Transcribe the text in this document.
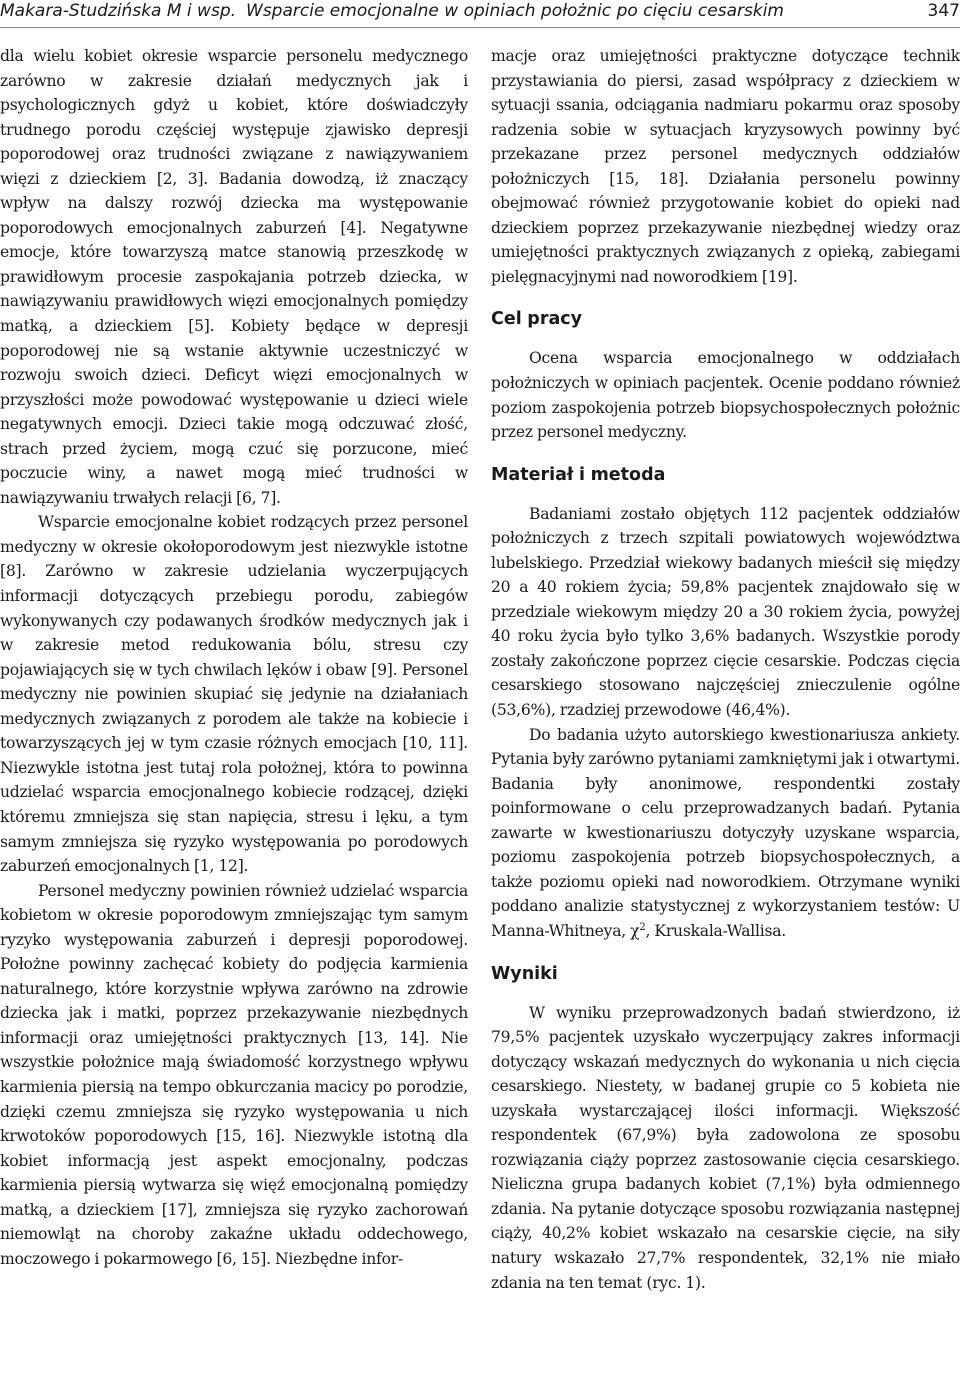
Makara-Studzińska M i wsp. Wsparcie emocjonalne w opiniach położnic po cięciu cesarskim	347

dla wielu kobiet okresie wsparcie personelu medycznego zarówno w zakresie działań medycznych jak i psychologicznych gdyż u kobiet, które doświadczyły trudnego porodu częściej występuje zjawisko depresji poporodowej oraz trudności związane z nawiązywaniem więzi z dzieckiem [2, 3]. Badania dowodzą, iż znaczący wpływ na dalszy rozwój dziecka ma występowanie poporodowych emocjonalnych zaburzeń [4]. Negatywne emocje, które towarzyszą matce stanowią przeszkodę w prawidłowym procesie zaspokajania potrzeb dziecka, w nawiązywaniu prawidłowych więzi emocjonalnych pomiędzy matką, a dzieckiem [5]. Kobiety będące w depresji poporodowej nie są wstanie aktywnie uczestniczyć w rozwoju swoich dzieci. Deficyt więzi emocjonalnych w przyszłości może powodować występowanie u dzieci wiele negatywnych emocji. Dzieci takie mogą odczuwać złość, strach przed życiem, mogą czuć się porzucone, mieć poczucie winy, a nawet mogą mieć trudności w nawiązywaniu trwałych relacji [6, 7].

Wsparcie emocjonalne kobiet rodzących przez personel medyczny w okresie okołoporodowym jest niezwykle istotne [8]. Zarówno w zakresie udzielania wyczerpujących informacji dotyczących przebiegu porodu, zabiegów wykonywanych czy podawanych środków medycznych jak i w zakresie metod redukowania bólu, stresu czy pojawiających się w tych chwilach lęków i obaw [9]. Personel medyczny nie powinien skupiać się jedynie na działaniach medycznych związanych z porodem ale także na kobiecie i towarzyszących jej w tym czasie różnych emocjach [10, 11]. Niezwykle istotna jest tutaj rola położnej, która to powinna udzielać wsparcia emocjonalnego kobiecie rodzącej, dzięki któremu zmniejsza się stan napięcia, stresu i lęku, a tym samym zmniejsza się ryzyko występowania po porodowych zaburzeń emocjonalnych [1, 12].

Personel medyczny powinien również udzielać wsparcia kobietom w okresie poporodowym zmniejszając tym samym ryzyko występowania zaburzeń i depresji poporodowej. Położne powinny zachęcać kobiety do podjęcia karmienia naturalnego, które korzystnie wpływa zarówno na zdrowie dziecka jak i matki, poprzez przekazywanie niezbędnych informacji oraz umiejętności praktycznych [13, 14]. Nie wszystkie położnice mają świadomość korzystnego wpływu karmienia piersią na tempo obkurczania macicy po porodzie, dzięki czemu zmniejsza się ryzyko występowania u nich krwotoków poporodowych [15, 16]. Niezwykle istotną dla kobiet informacją jest aspekt emocjonalny, podczas karmienia piersią wytwarza się więź emocjonalną pomiędzy matką, a dzieckiem [17], zmniejsza się ryzyko zachorowań niemowląt na choroby zakaźne układu oddechowego, moczowego i pokarmowego [6, 15]. Niezbędne infor-

macje oraz umiejętności praktyczne dotyczące technik przystawiania do piersi, zasad współpracy z dzieckiem w sytuacji ssania, odciągania nadmiaru pokarmu oraz sposoby radzenia sobie w sytuacjach kryzysowych powinny być przekazane przez personel medycznych oddziałów położniczych [15, 18]. Działania personelu powinny obejmować również przygotowanie kobiet do opieki nad dzieckiem poprzez przekazywanie niezbędnej wiedzy oraz umiejętności praktycznych związanych z opieką, zabiegami pielęgnacyjnymi nad noworodkiem [19].

Cel pracy

Ocena wsparcia emocjonalnego w oddziałach położniczych w opiniach pacjentek. Ocenie poddano również poziom zaspokojenia potrzeb biopsychospołecznych położnic przez personel medyczny.

Materiał i metoda

Badaniami zostało objętych 112 pacjentek oddziałów położniczych z trzech szpitali powiatowych województwa lubelskiego. Przedział wiekowy badanych mieścił się między 20 a 40 rokiem życia; 59,8% pacjentek znajdowało się w przedziale wiekowym między 20 a 30 rokiem życia, powyżej 40 roku życia było tylko 3,6% badanych. Wszystkie porody zostały zakończone poprzez cięcie cesarskie. Podczas cięcia cesarskiego stosowano najczęściej znieczulenie ogólne (53,6%), rzadziej przewodowe (46,4%).

Do badania użyto autorskiego kwestionariusza ankiety. Pytania były zarówno pytaniami zamkniętymi jak i otwartymi. Badania były anonimowe, respondentki zostały poinformowane o celu przeprowadzanych badań. Pytania zawarte w kwestionariuszu dotyczyły uzyskane wsparcia, poziomu zaspokojenia potrzeb biopsychospołecznych, a także poziomu opieki nad noworodkiem. Otrzymane wyniki poddano analizie statystycznej z wykorzystaniem testów: U Manna-Whitneya, $\chi^2$, Kruskala-Wallisa.

Wyniki

W wyniku przeprowadzonych badań stwierdzono, iż 79,5% pacjentek uzyskało wyczerpujący zakres informacji dotyczący wskazań medycznych do wykonania u nich cięcia cesarskiego. Niestety, w badanej grupie co 5 kobieta nie uzyskała wystarczającej ilości informacji. Większość respondentek (67,9%) była zadowolona ze sposobu rozwiązania ciąży poprzez zastosowanie cięcia cesarskiego. Nieliczna grupa badanych kobiet (7,1%) była odmiennego zdania. Na pytanie dotyczące sposobu rozwiązania następnej ciąży, 40,2% kobiet wskazało na cesarskie cięcie, na siły natury wskazało 27,7% respondentek, 32,1% nie miało zdania na ten temat (ryc. 1).
